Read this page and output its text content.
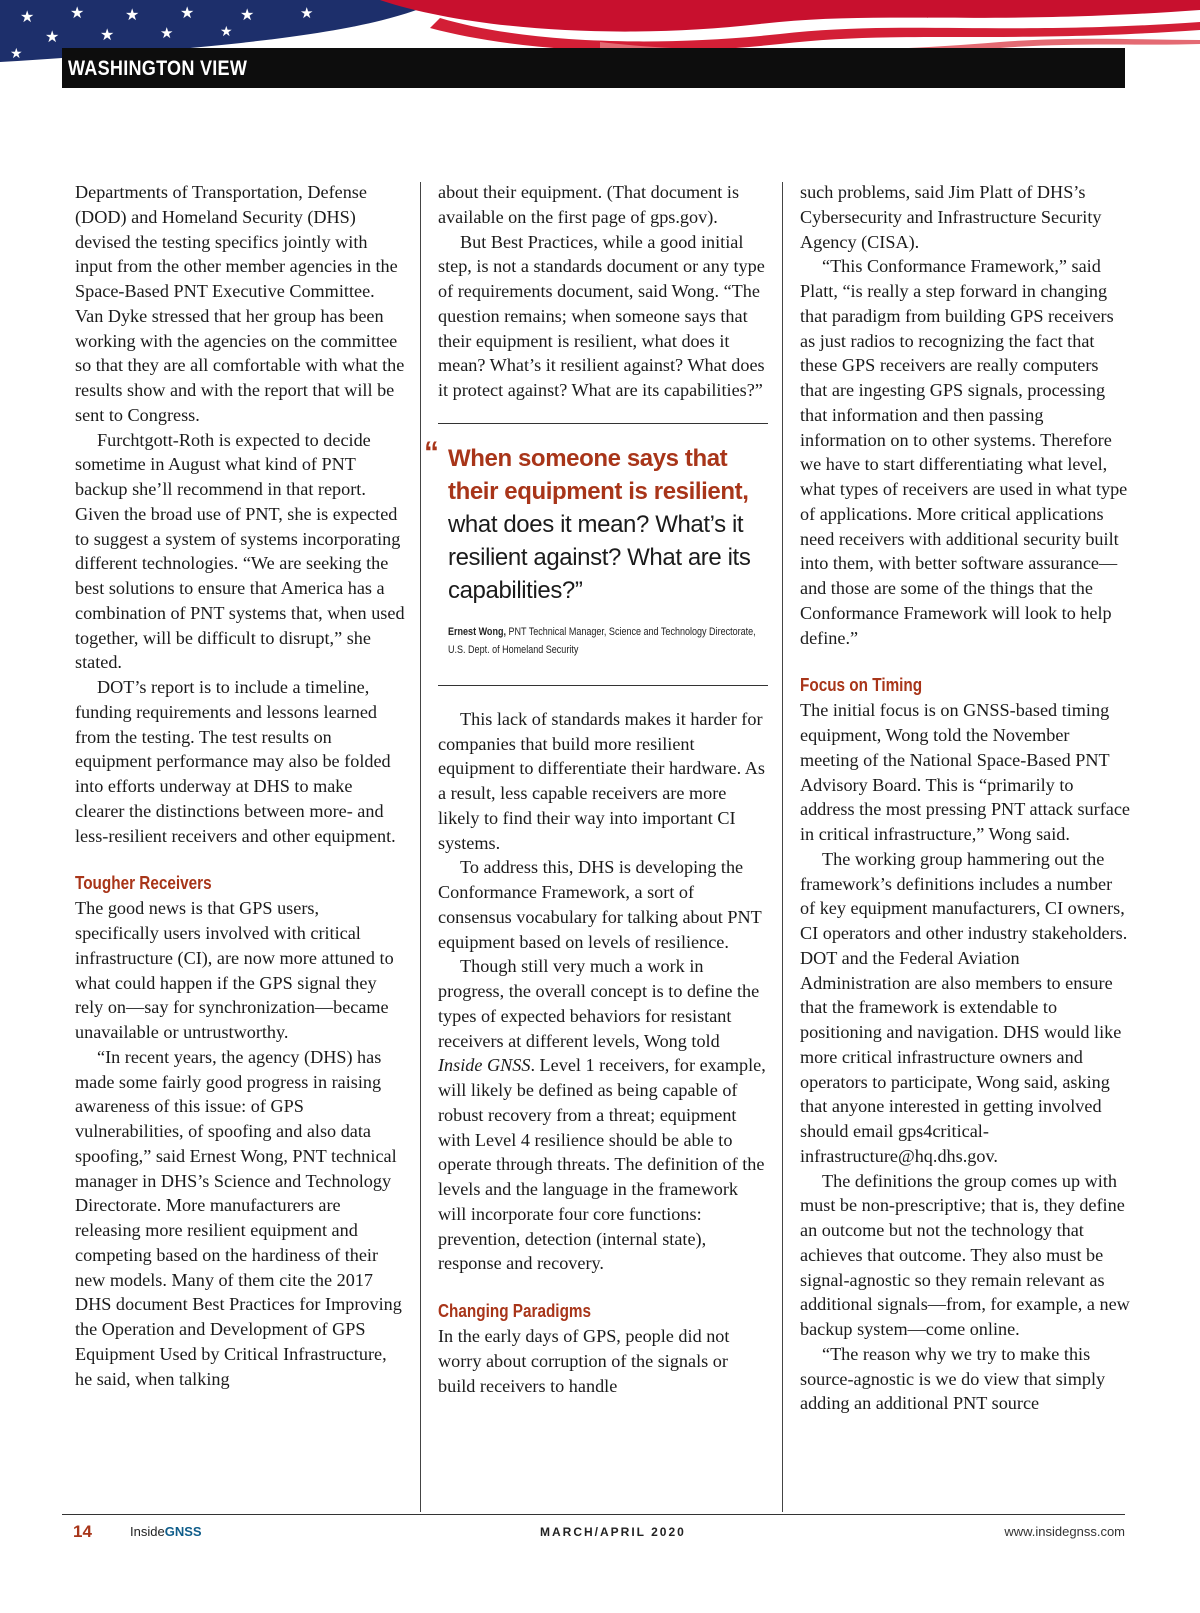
★ ★	★	★	★	★
★	★	★	★
★
WASHINGTON VIEW

Departments of Transportation, Defense (DOD) and Homeland Security (DHS) devised the testing specifics jointly with input from the other member agencies in the Space-Based PNT Executive Committee. Van Dyke stressed that her group has been working with the agencies on the committee so that they are all comfortable with what the results show and with the report that will be sent to Congress.

Furchtgott-Roth is expected to decide sometime in August what kind of PNT backup she’ll recommend in that report. Given the broad use of PNT, she is expected to suggest a system of systems incorporating different technologies. “We are seeking the best solutions to ensure that America has a combination of PNT systems that, when used together, will be difficult to disrupt,” she stated.

DOT’s report is to include a timeline, funding requirements and lessons learned from the testing. The test results on equipment performance may also be folded into efforts underway at DHS to make clearer the distinctions between more- and less-resilient receivers and other equipment.

Tougher Receivers

The good news is that GPS users, specifically users involved with critical infrastructure (CI), are now more attuned to what could happen if the GPS signal they rely on—say for synchronization—became unavailable or untrustworthy.

“In recent years, the agency (DHS) has made some fairly good progress in raising awareness of this issue: of GPS vulnerabilities, of spoofing and also data spoofing,” said Ernest Wong, PNT technical manager in DHS’s Science and Technology Directorate. More manufacturers are releasing more resilient equipment and competing based on the hardiness of their new models. Many of them cite the 2017 DHS document Best Practices for Improving the Operation and Development of GPS Equipment Used by Critical Infrastructure, he said, when talking

about their equipment. (That document is available on the first page of gps.gov).

But Best Practices, while a good initial step, is not a standards document or any type of requirements document, said Wong. “The question remains; when someone says that their equipment is resilient, what does it mean? What’s it resilient against? What does it protect against? What are its capabilities?”

“ When someone says that their equipment is resilient, what does it mean? What’s it resilient against? What are its capabilities?”
Ernest Wong, PNT Technical Manager, Science and Technology Directorate, U.S. Dept. of Homeland Security

This lack of standards makes it harder for companies that build more resilient equipment to differentiate their hardware. As a result, less capable receivers are more likely to find their way into important CI systems.

To address this, DHS is developing the Conformance Framework, a sort of consensus vocabulary for talking about PNT equipment based on levels of resilience.

Though still very much a work in progress, the overall concept is to define the types of expected behaviors for resistant receivers at different levels, Wong told Inside GNSS. Level 1 receivers, for example, will likely be defined as being capable of robust recovery from a threat; equipment with Level 4 resilience should be able to operate through threats. The definition of the levels and the language in the framework will incorporate four core functions: prevention, detection (internal state), response and recovery.

Changing Paradigms

In the early days of GPS, people did not worry about corruption of the signals or build receivers to handle

such problems, said Jim Platt of DHS’s Cybersecurity and Infrastructure Security Agency (CISA).

“This Conformance Framework,” said Platt, “is really a step forward in changing that paradigm from building GPS receivers as just radios to recognizing the fact that these GPS receivers are really computers that are ingesting GPS signals, processing that information and then passing information on to other systems. Therefore we have to start differentiating what level, what types of receivers are used in what type of applications. More critical applications need receivers with additional security built into them, with better software assurance—and those are some of the things that the Conformance Framework will look to help define.”

Focus on Timing

The initial focus is on GNSS-based timing equipment, Wong told the November meeting of the National Space-Based PNT Advisory Board. This is “primarily to address the most pressing PNT attack surface in critical infrastructure,” Wong said.

The working group hammering out the framework’s definitions includes a number of key equipment manufacturers, CI owners, CI operators and other industry stakeholders. DOT and the Federal Aviation Administration are also members to ensure that the framework is extendable to positioning and navigation. DHS would like more critical infrastructure owners and operators to participate, Wong said, asking that anyone interested in getting involved should email gps4critical-infrastructure@hq.dhs.gov.

The definitions the group comes up with must be non-prescriptive; that is, they define an outcome but not the technology that achieves that outcome. They also must be signal-agnostic so they remain relevant as additional signals—from, for example, a new backup system—come online.

“The reason why we try to make this source-agnostic is we do view that simply adding an additional PNT source

14	InsideGNSS	MARCH/APRIL 2020	www.insidegnss.com
